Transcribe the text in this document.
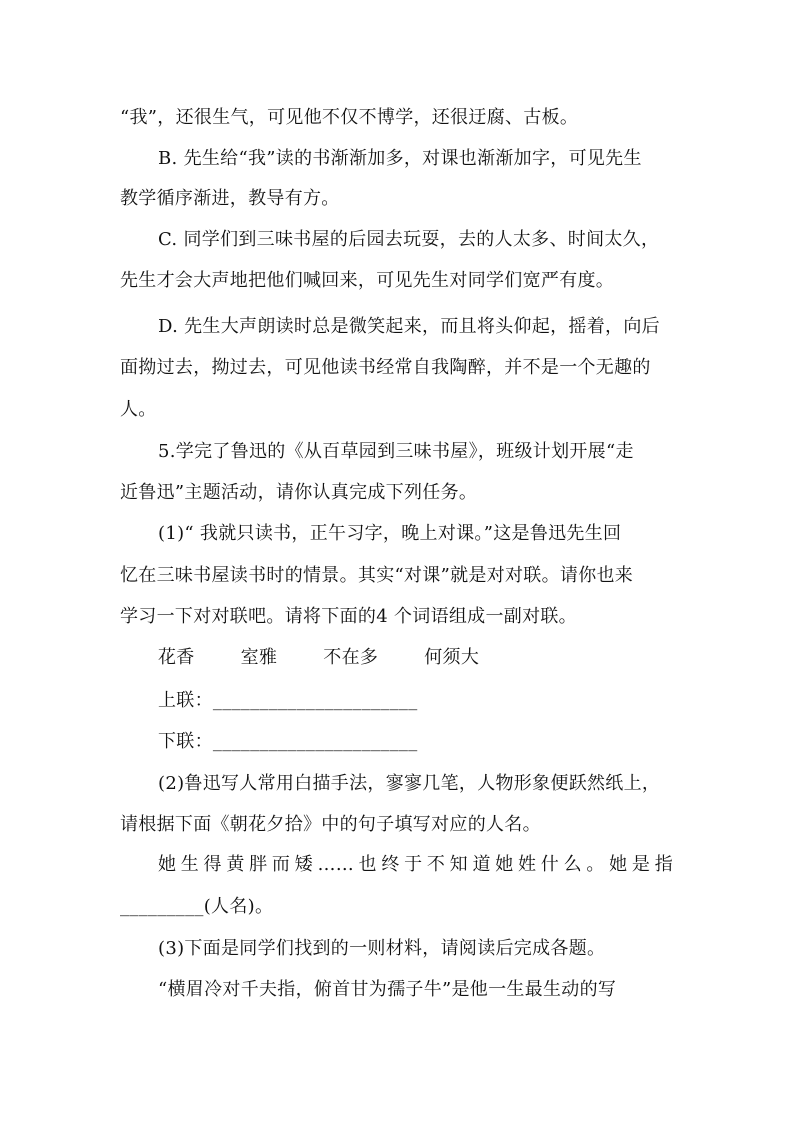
“我”，还很生气，可见他不仅不博学，还很迂腐、古板。
B. 先生给“我”读的书渐渐加多，对课也渐渐加字，可见先生
教学循序渐进，教导有方。
C. 同学们到三味书屋的后园去玩耍，去的人太多、时间太久，
先生才会大声地把他们喊回来，可见先生对同学们宽严有度。
D. 先生大声朗读时总是微笑起来，而且将头仰起，摇着，向后
面拗过去，拗过去，可见他读书经常自我陶醉，并不是一个无趣的
人。
5.学完了鲁迅的《从百草园到三味书屋》，班级计划开展“走
近鲁迅”主题活动，请你认真完成下列任务。
(1)“ 我就只读书，正午习字，晚上对课。”这是鲁迅先生回
忆在三味书屋读书时的情景。其实“对课”就是对对联。请你也来
学习一下对对联吧。请将下面的4 个词语组成一副对联。
花香	室雅	不在多	何须大
上联：______________________
下联：______________________
(2)鲁迅写人常用白描手法，寥寥几笔，人物形象便跃然纸上，
请根据下面《朝花夕拾》中的句子填写对应的人名。
她生得黄胖而矮……也终于不知道她姓什么。她是指
_________(人名)。
(3)下面是同学们找到的一则材料，请阅读后完成各题。
“横眉冷对千夫指，俯首甘为孺子牛”是他一生最生动的写
